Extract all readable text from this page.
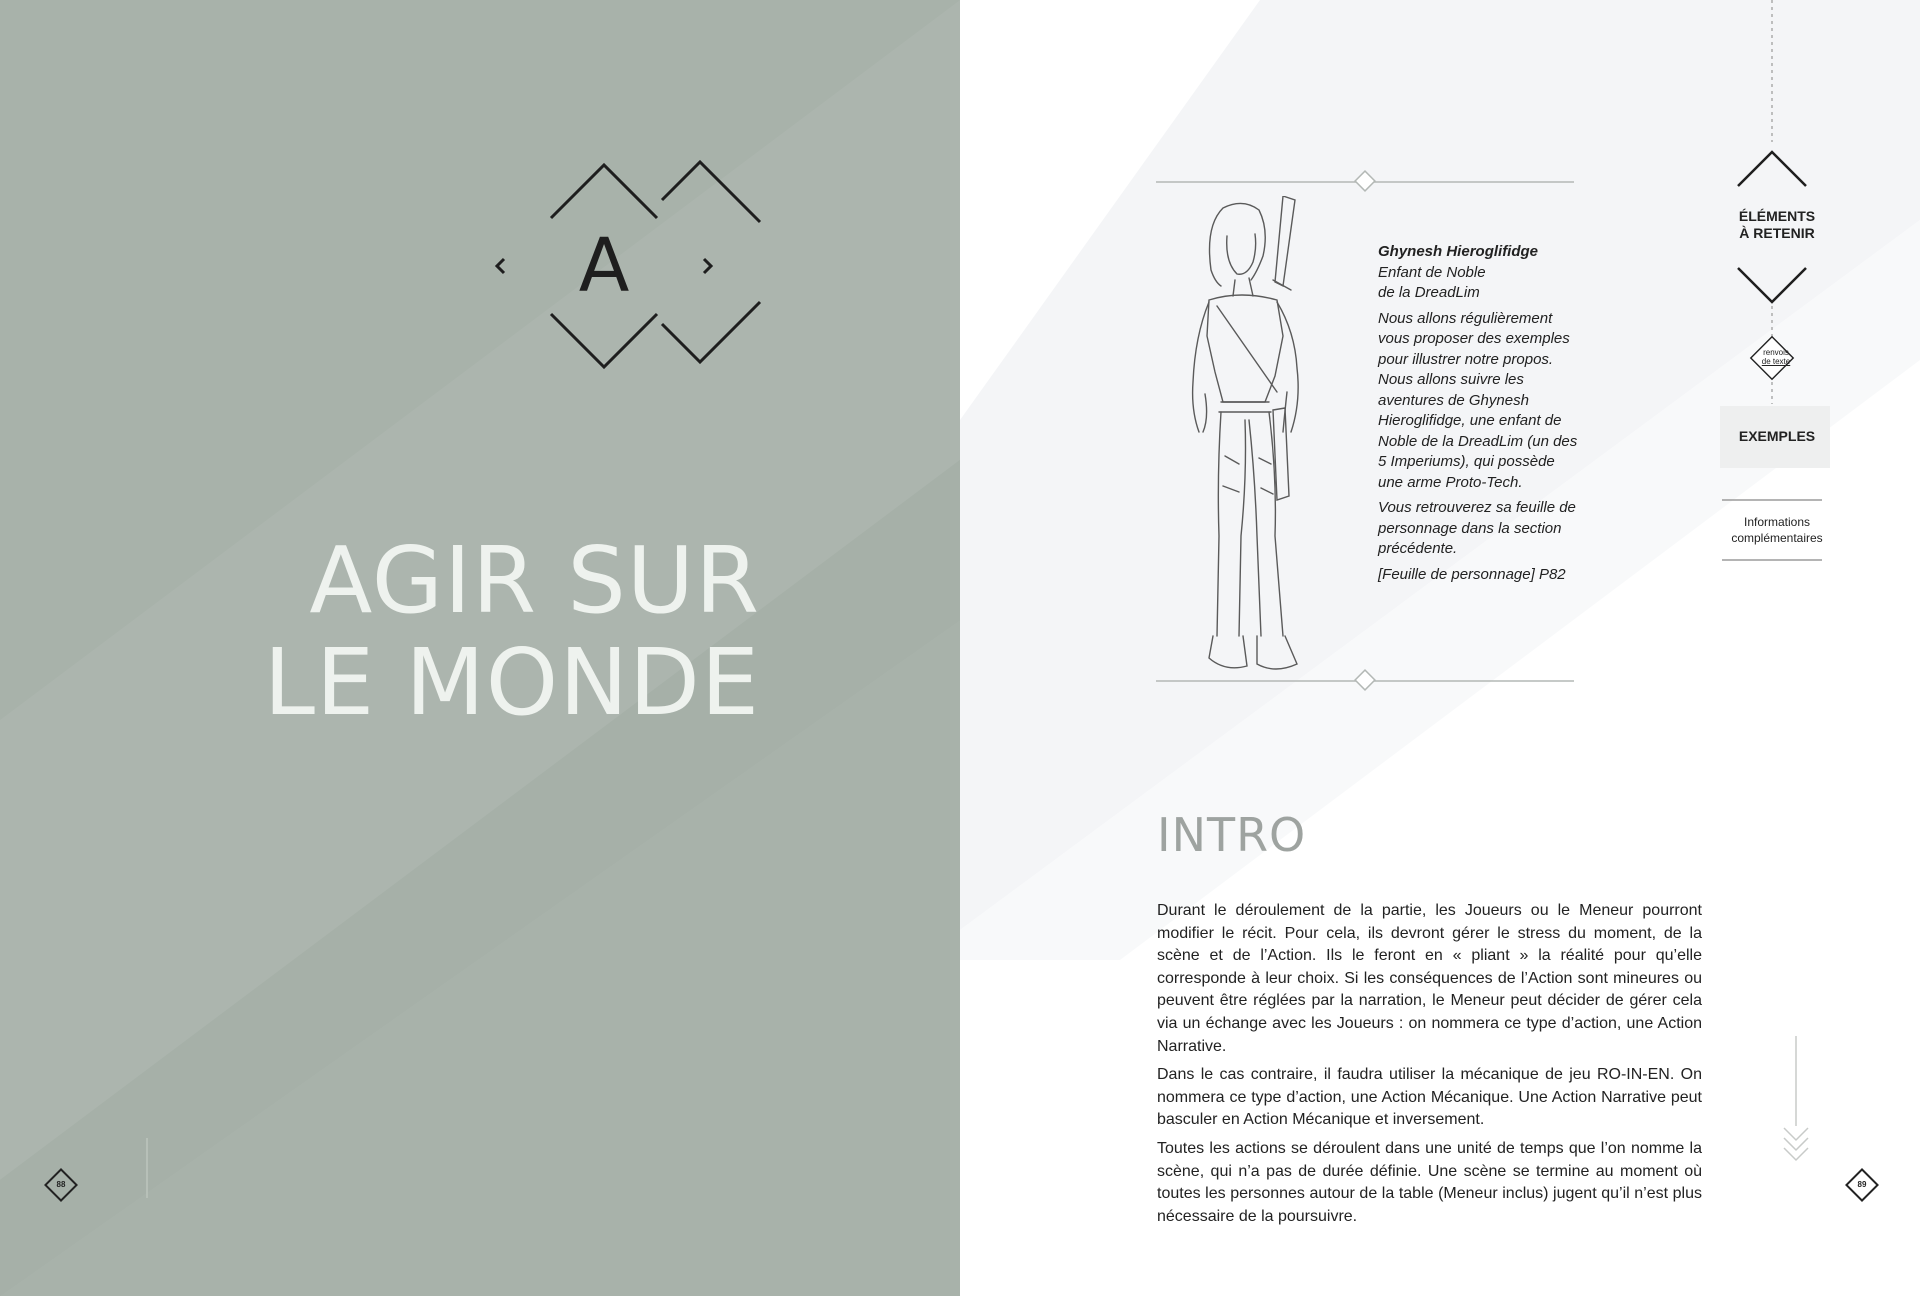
A
AGIR SUR
LE MONDE
88

Ghynesh Hieroglifidge
Enfant de Noble
de la DreadLim

Nous allons régulièrement vous proposer des exemples pour illustrer notre propos. Nous allons suivre les aventures de Ghynesh Hieroglifidge, une enfant de Noble de la DreadLim (un des 5 Imperiums), qui possède une arme Proto-Tech.

Vous retrouverez sa feuille de personnage dans la section précédente.

[Feuille de personnage] P82

INTRO

Durant le déroulement de la partie, les Joueurs ou le Meneur pourront modifier le récit. Pour cela, ils devront gérer le stress du moment, de la scène et de l’Action. Ils le feront en « pliant » la réalité pour qu’elle corresponde à leur choix. Si les conséquences de l’Action sont mineures ou peuvent être réglées par la narration, le Meneur peut décider de gérer cela via un échange avec les Joueurs : on nommera ce type d’action, une Action Narrative.

Dans le cas contraire, il faudra utiliser la mécanique de jeu RO-IN-EN. On nommera ce type d’action, une Action Mécanique. Une Action Narrative peut basculer en Action Mécanique et inversement.

Toutes les actions se déroulent dans une unité de temps que l’on nomme la scène, qui n’a pas de durée définie. Une scène se termine au moment où toutes les personnes autour de la table (Meneur inclus) jugent qu’il n’est plus nécessaire de la poursuivre.

ÉLÉMENTS
À RETENIR
renvois
de texte
EXEMPLES
Informations
complémentaires
89
